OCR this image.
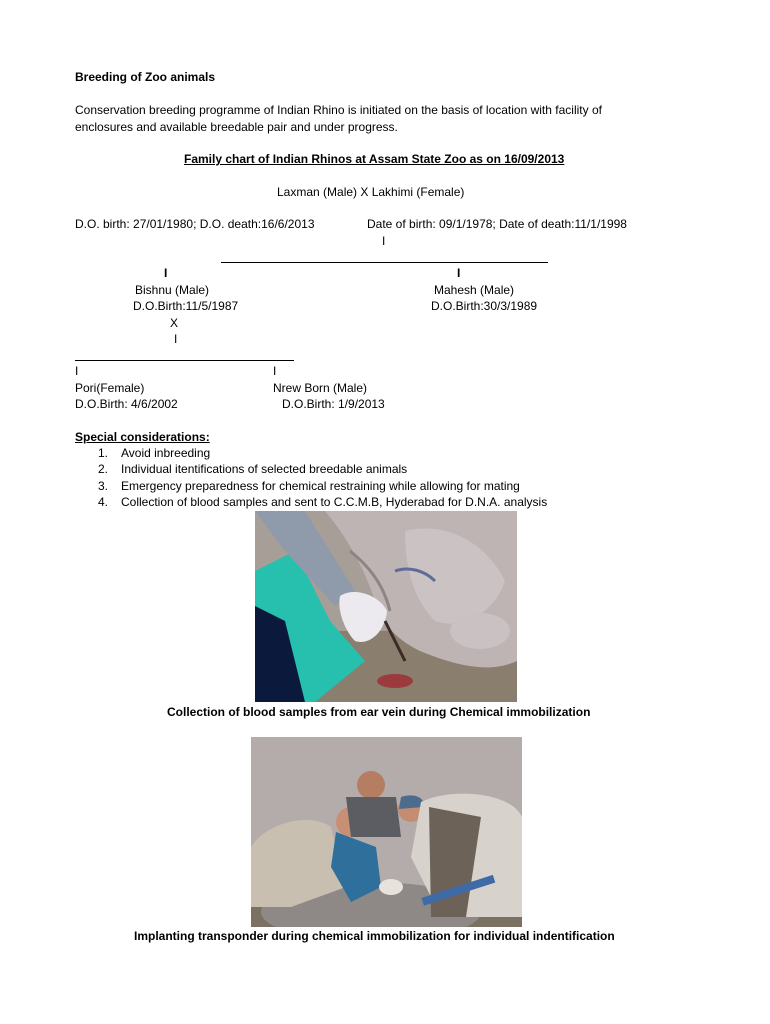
Breeding of Zoo animals
Conservation breeding programme of Indian Rhino is initiated on the basis of location with facility of
enclosures and available breedable pair and under progress.
Family chart of Indian Rhinos at Assam State Zoo as on 16/09/2013
Laxman (Male) X Lakhimi (Female)
D.O. birth: 27/01/1980; D.O. death:16/6/2013	Date of birth: 09/1/1978; Date of death:11/1/1998
I
I	I
Bishnu (Male)
D.O.Birth:11/5/1987
Mahesh (Male)
D.O.Birth:30/3/1989
X
I
I	I
Pori(Female)
D.O.Birth: 4/6/2002
Nrew Born (Male)
D.O.Birth: 1/9/2013
Special considerations:
1. Avoid inbreeding
2. Individual itentifications of selected breedable animals
3. Emergency preparedness for chemical restraining while allowing for mating
4. Collection of blood samples and sent to C.C.M.B, Hyderabad for D.N.A. analysis
Collection of blood samples from ear vein during Chemical immobilization
Implanting transponder during chemical immobilization for individual indentification
